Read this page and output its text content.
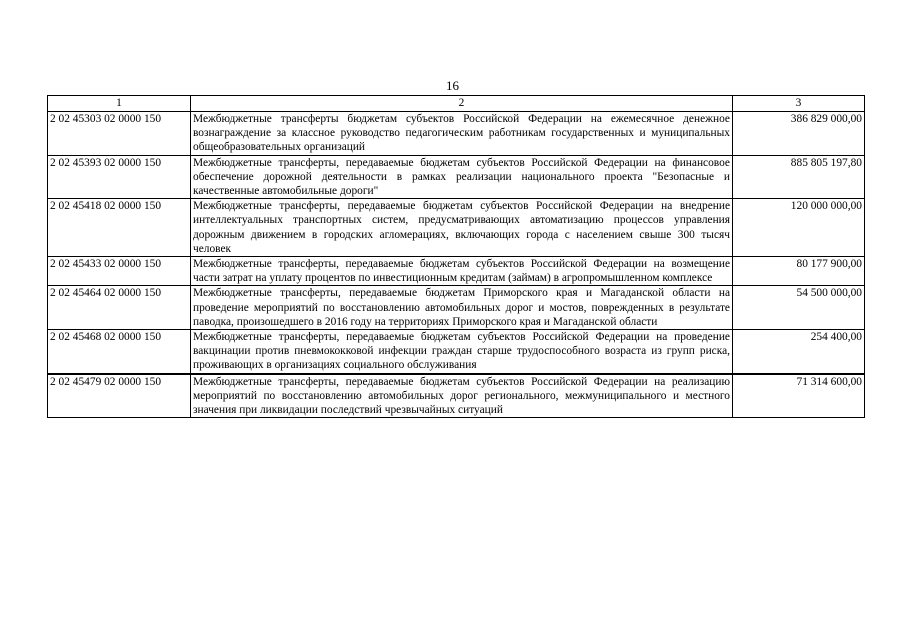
16
1	2	3
2 02 45303 02 0000 150	Межбюджетные трансферты бюджетам субъектов Российской Федерации на ежемесячное денежное вознаграждение за классное руководство педагогическим работникам государственных и муниципальных общеобразовательных организаций	386 829 000,00
2 02 45393 02 0000 150	Межбюджетные трансферты, передаваемые бюджетам субъектов Российской Федерации на финансовое обеспечение дорожной деятельности в рамках реализации национального проекта "Безопасные и качественные автомобильные дороги"	885 805 197,80
2 02 45418 02 0000 150	Межбюджетные трансферты, передаваемые бюджетам субъектов Российской Федерации на внедрение интеллектуальных транспортных систем, предусматривающих автоматизацию процессов управления дорожным движением в городских агломерациях, включающих города с населением свыше 300 тысяч человек	120 000 000,00
2 02 45433 02 0000 150	Межбюджетные трансферты, передаваемые бюджетам субъектов Российской Федерации на возмещение части затрат на уплату процентов по инвестиционным кредитам (займам) в агропромышленном комплексе	80 177 900,00
2 02 45464 02 0000 150	Межбюджетные трансферты, передаваемые бюджетам Приморского края и Магаданской области на проведение мероприятий по восстановлению автомобильных дорог и мостов, поврежденных в результате паводка, произошедшего в 2016 году на территориях Приморского края и Магаданской области	54 500 000,00
2 02 45468 02 0000 150	Межбюджетные трансферты, передаваемые бюджетам субъектов Российской Федерации на проведение вакцинации против пневмококковой инфекции граждан старше трудоспособного возраста из групп риска, проживающих в организациях социального обслуживания	254 400,00
2 02 45479 02 0000 150	Межбюджетные трансферты, передаваемые бюджетам субъектов Российской Федерации на реализацию мероприятий по восстановлению автомобильных дорог регионального, межмуниципального и местного значения при ликвидации последствий чрезвычайных ситуаций	71 314 600,00
